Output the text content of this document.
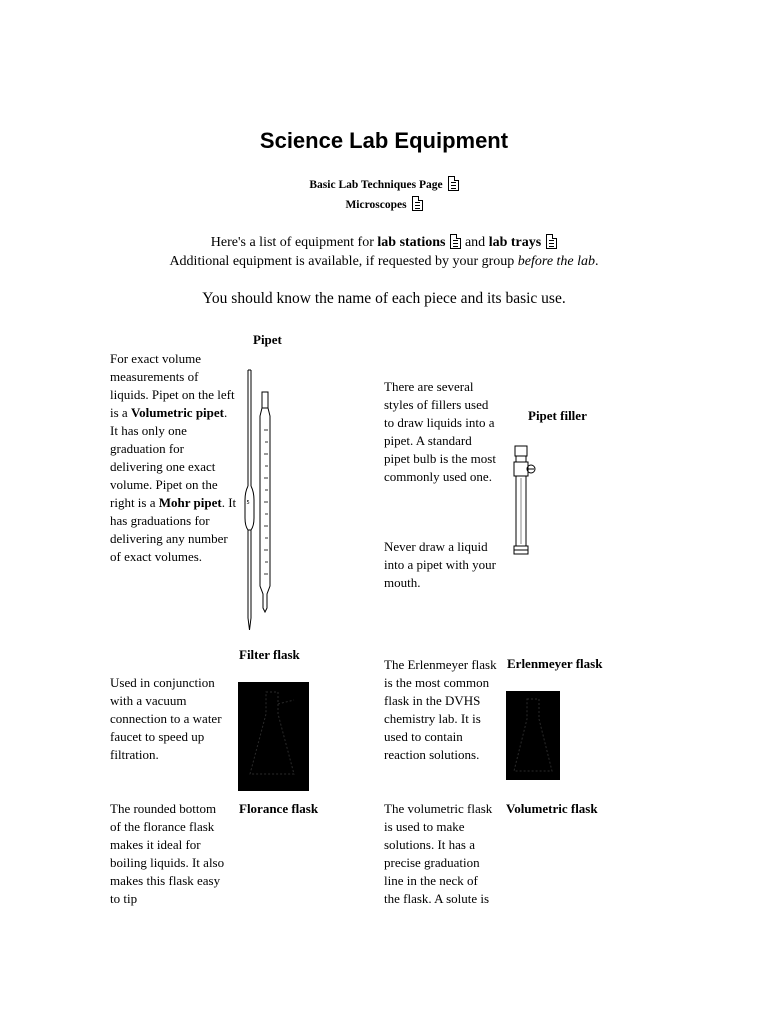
Science Lab Equipment
Basic Lab Techniques Page
Microscopes
Here's a list of equipment for lab stations
and lab trays
Additional equipment is available, if requested by your group before the lab.
You should know the name of each piece and its basic use.
Pipet
For exact volume measurements of liquids. Pipet on the left is a Volumetric pipet. It has only one graduation for delivering one exact volume. Pipet on the right is a Mohr pipet. It has graduations for delivering any number of exact volumes.
5
There are several styles of fillers used to draw liquids into a pipet. A standard pipet bulb is the most commonly used one.
Never draw a liquid into a pipet with your mouth.
Pipet filler
Filter flask
Used in conjunction with a vacuum connection to a water faucet to speed up filtration.
The Erlenmeyer flask is the most common flask in the DVHS chemistry lab. It is used to contain reaction solutions.
Erlenmeyer flask
The rounded bottom of the florance flask makes it ideal for boiling liquids. It also makes this flask easy to tip
Florance flask	The volumetric flask is used to make solutions. It has a precise graduation line in the neck of the flask. A solute is
Volumetric flask
